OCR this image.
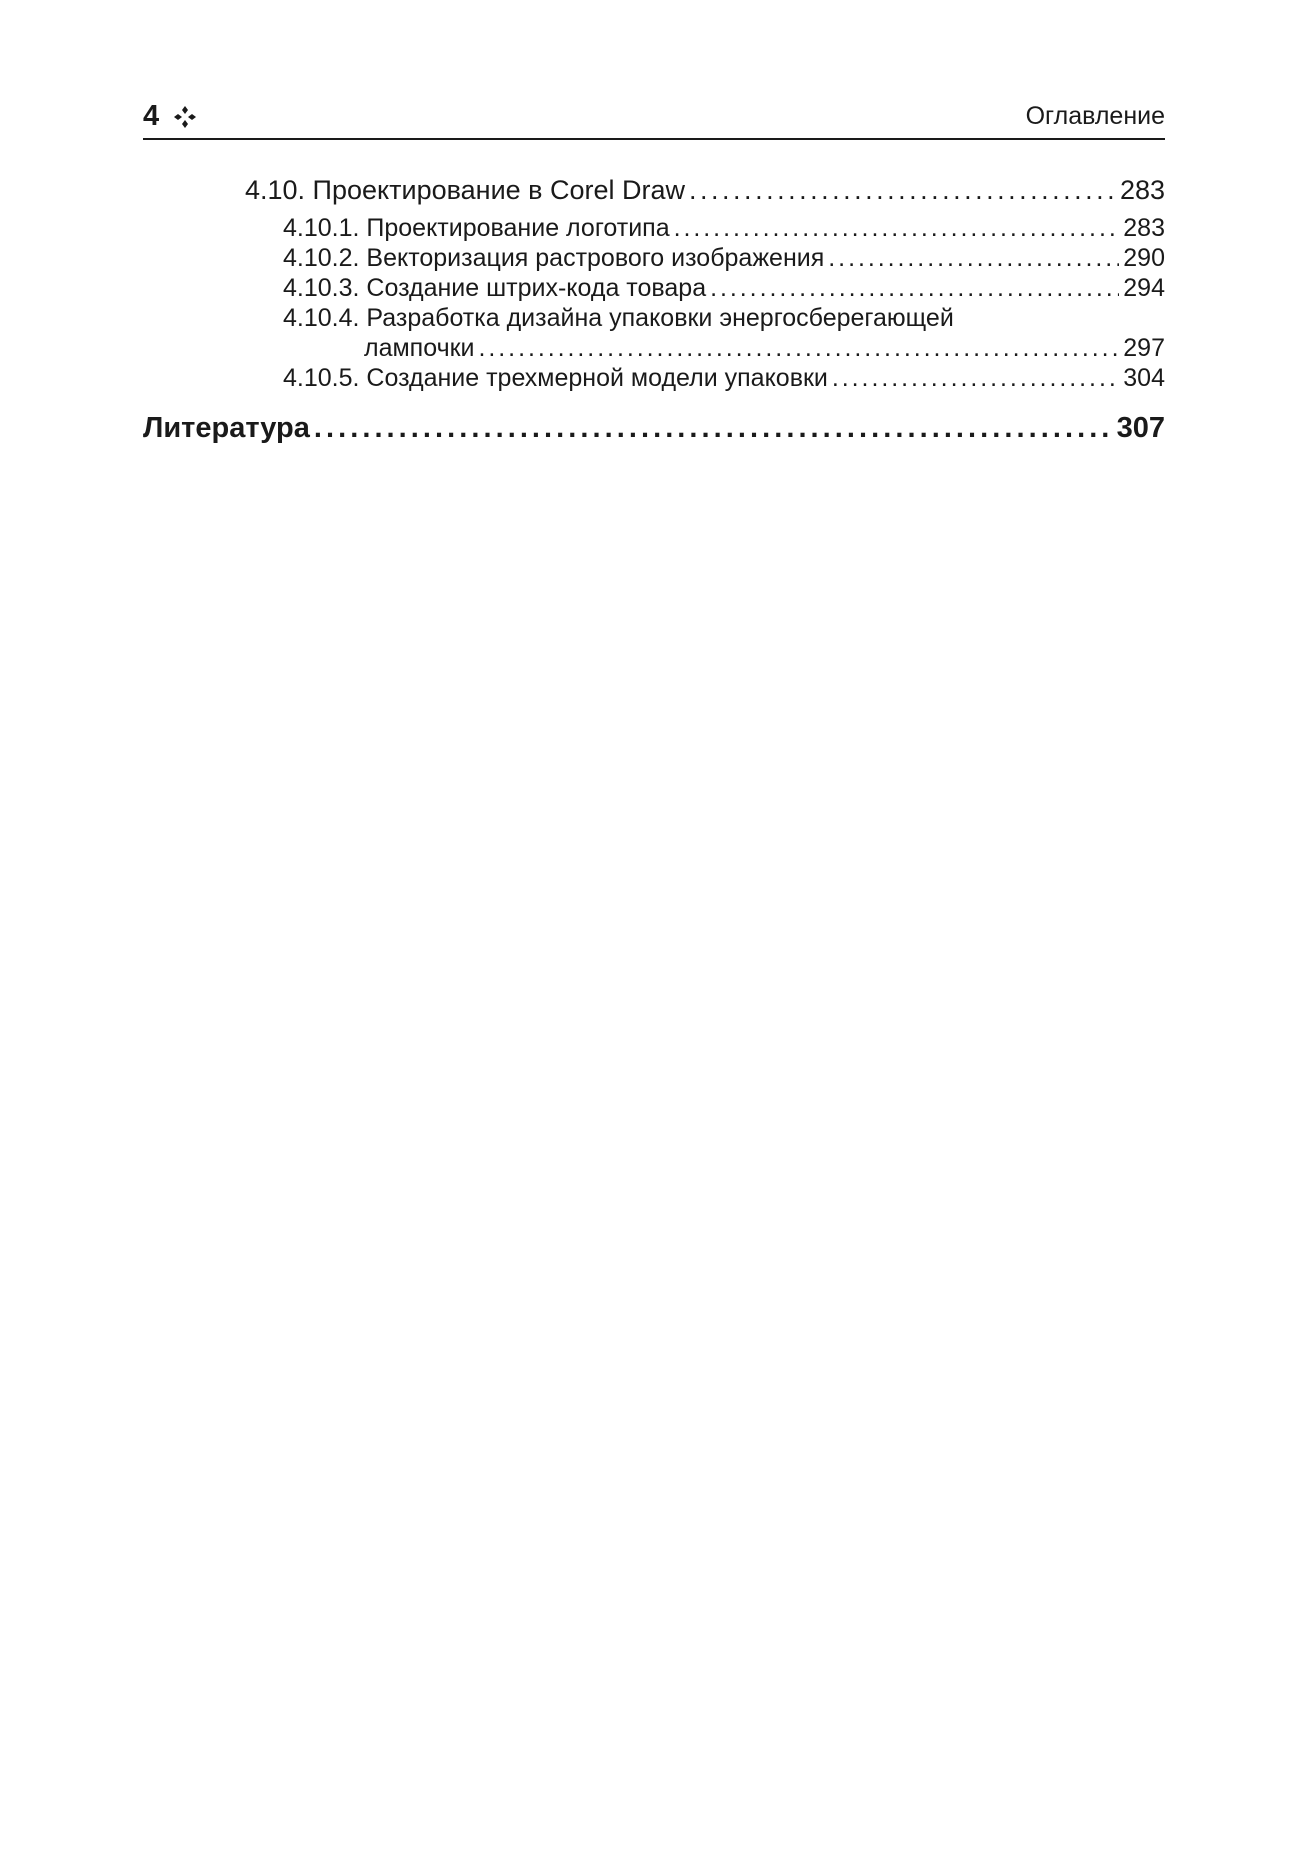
4	Оглавление
4.10. Проектирование в Corel Draw . . .	283
4.10.1. Проектирование логотипа . . .	283
4.10.2. Векторизация растрового изображения . . .	290
4.10.3. Создание штрих-кода товара . . .	294
4.10.4. Разработка дизайна упаковки энергосберегающей
лампочки . . .	297
4.10.5. Создание трехмерной модели упаковки . . .	304
Литература . . .	307
